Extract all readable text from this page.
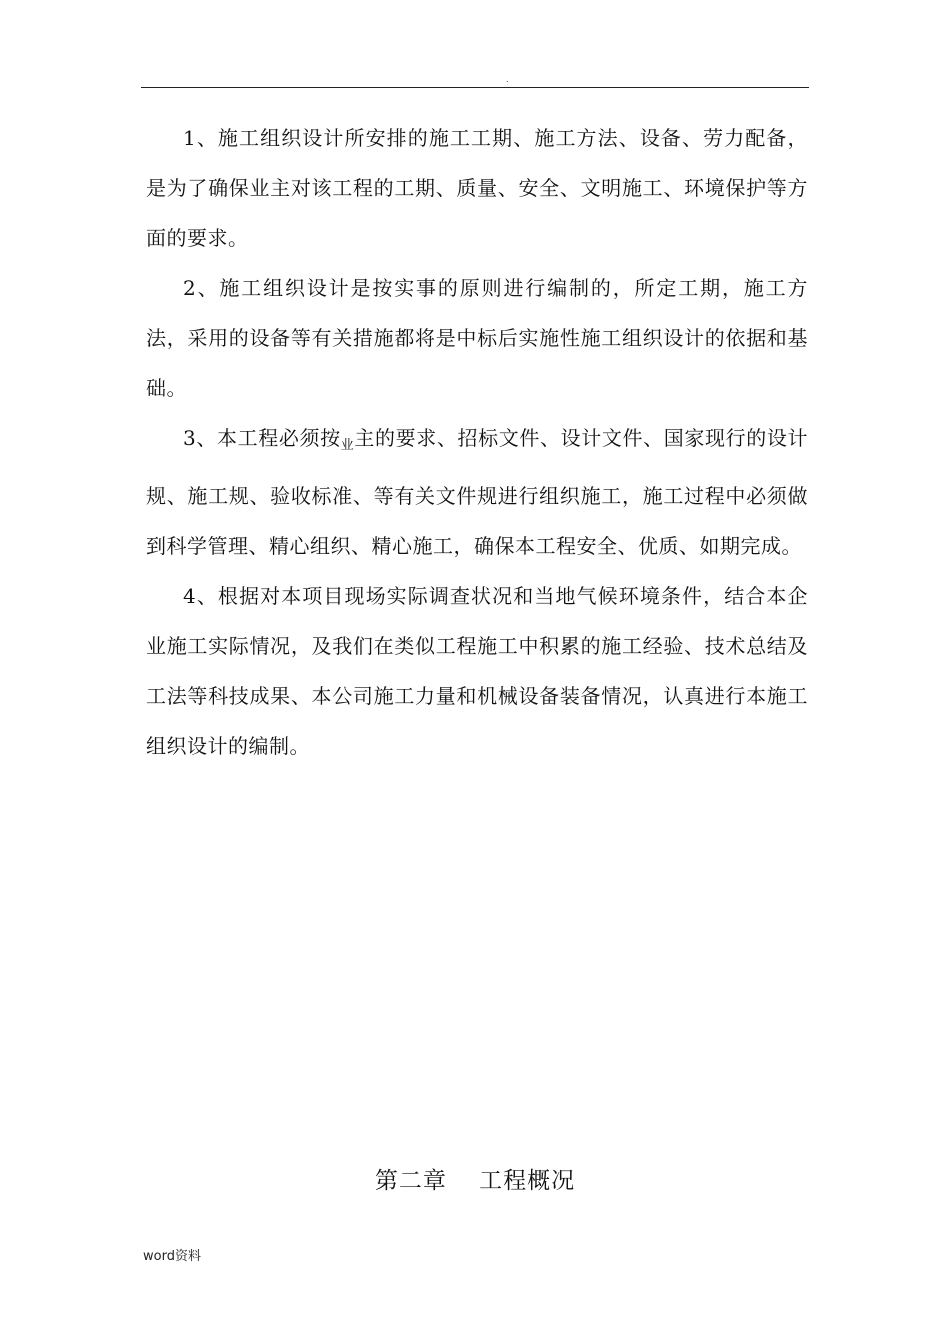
.

1、施工组织设计所安排的施工工期、施工方法、设备、劳力配备，是为了确保业主对该工程的工期、质量、安全、文明施工、环境保护等方面的要求。

2、施工组织设计是按实事的原则进行编制的，所定工期，施工方法，采用的设备等有关措施都将是中标后实施性施工组织设计的依据和基础。

3、本工程必须按$_业$主的要求、招标文件、设计文件、国家现行的设计规、施工规、验收标准、等有关文件规进行组织施工，施工过程中必须做到科学管理、精心组织、精心施工，确保本工程安全、优质、如期完成。

4、根据对本项目现场实际调查状况和当地气候环境条件，结合本企业施工实际情况，及我们在类似工程施工中积累的施工经验、技术总结及工法等科技成果、本公司施工力量和机械设备装备情况，认真进行本施工组织设计的编制。

第二章　 工程概况
word资料
